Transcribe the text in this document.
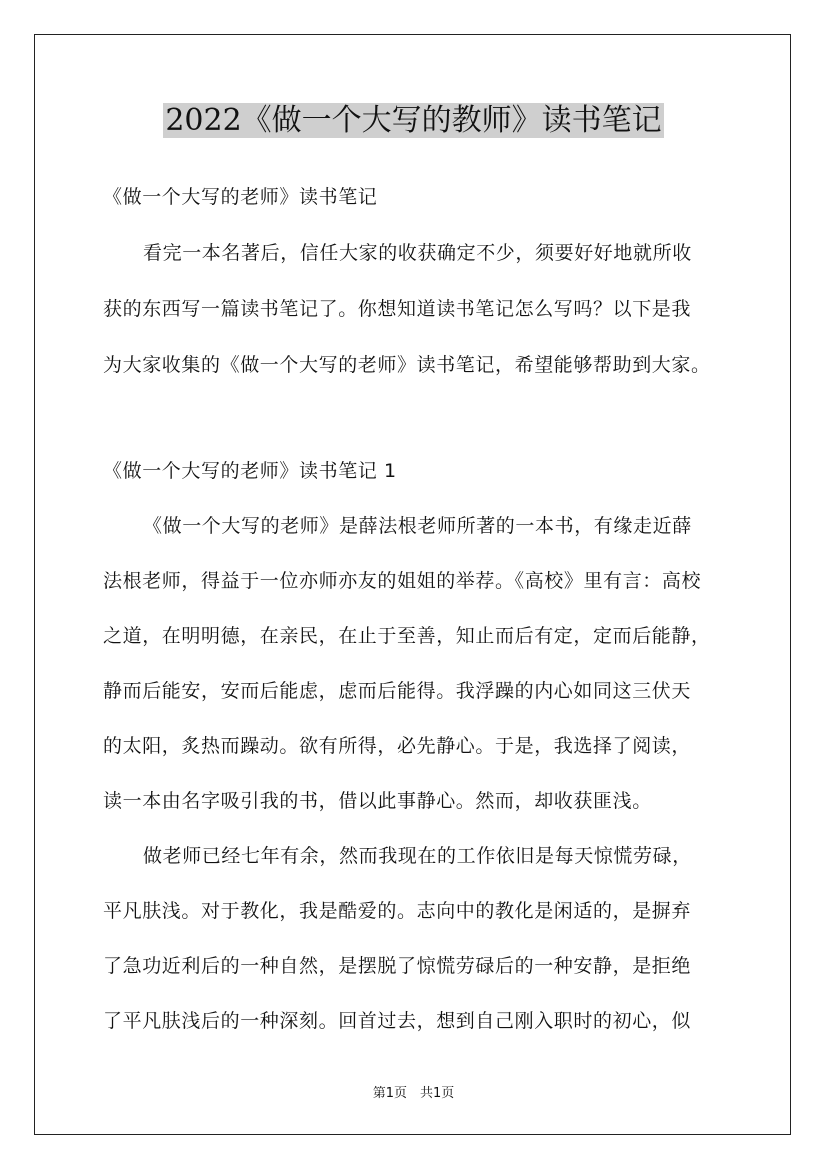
2022《做一个大写的教师》读书笔记
《做一个大写的老师》读书笔记
看完一本名著后，信任大家的收获确定不少，须要好好地就所收
获的东西写一篇读书笔记了。你想知道读书笔记怎么写吗？以下是我
为大家收集的《做一个大写的老师》读书笔记，希望能够帮助到大家。
《做一个大写的老师》读书笔记 1
《做一个大写的老师》是薛法根老师所著的一本书，有缘走近薛
法根老师，得益于一位亦师亦友的姐姐的举荐。《高校》里有言：高校
之道，在明明德，在亲民，在止于至善，知止而后有定，定而后能静，
静而后能安，安而后能虑，虑而后能得。我浮躁的内心如同这三伏天
的太阳，炙热而躁动。欲有所得，必先静心。于是，我选择了阅读，
读一本由名字吸引我的书，借以此事静心。然而，却收获匪浅。
做老师已经七年有余，然而我现在的工作依旧是每天惊慌劳碌，
平凡肤浅。对于教化，我是酷爱的。志向中的教化是闲适的，是摒弃
了急功近利后的一种自然，是摆脱了惊慌劳碌后的一种安静，是拒绝
了平凡肤浅后的一种深刻。回首过去，想到自己刚入职时的初心，似
第1页　共1页
